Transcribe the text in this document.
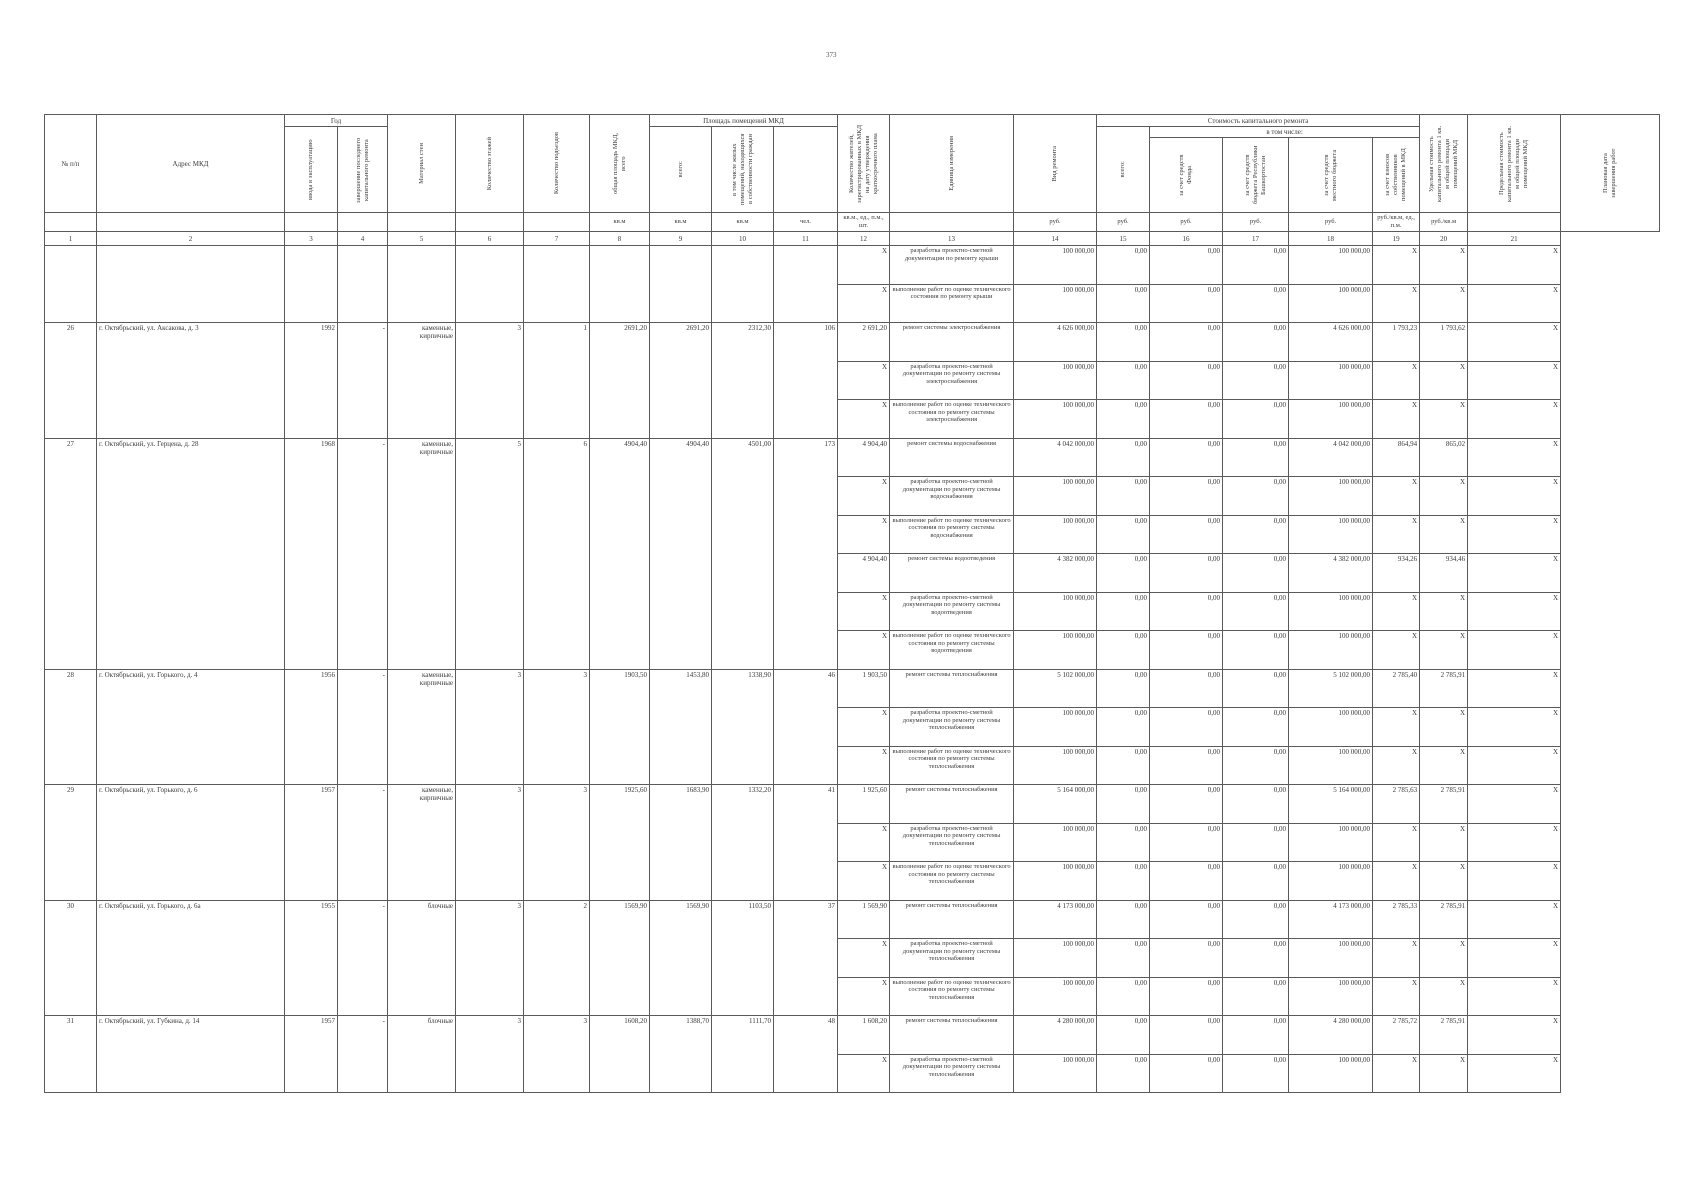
373
№ п/п	Адрес МКД	Год		Материал стен	Количество этажей	Количество подъездов	общая площадь МКД, всего	Площадь помещений МКД			Количество жителей, зарегистрированных в МКД на дату утверждения краткосрочного плана	Единица измерения	Вид ремонта	Стоимость капитального ремонта					Удельная стоимость капитального ремонта 1 кв. м общей площади помещений МКД	Предельная стоимость капитального ремонта 1 кв. м общей площади помещений МКД	Плановая дата завершения работ

		ввода в эксплуатацию	завершение последнего капитального ремонта					всего:	в том числе жилых помещений, находящихся в собственности граждан					всего:	в том числе:						

															за счет средств Фонда	за счет средств бюджета Республики Башкортостан	за счет средств местного бюджета	за счет взносов собственников помещений в МКД			

							кв.м	кв.м	кв.м	чел.	кв.м., ед., п.м., шт.		руб.	руб.	руб.	руб.	руб.	руб./кв.м, ед., п.м.	руб./кв.м		
1	2	3	4	5	6	7	8	9	10	11	12	13	14	15	16	17	18	19	20	21	
											X	разработка проектно-сметной документации по ремонту крыши	100 000,00	0,00	0,00	0,00	100 000,00	X	X	X	
											X	выполнение работ по оценке технического состояния по ремонту крыши	100 000,00	0,00	0,00	0,00	100 000,00	X	X	X	
26	г. Октябрьский, ул. Аксакова, д. 3	1992	-	каменные, кирпичные	3	1	2691,20	2691,20	2312,30	106	2 691,20	ремонт системы электроснабжения	4 626 000,00	0,00	0,00	0,00	4 626 000,00	1 793,23	1 793,62	X	
											X	разработка проектно-сметной документации по ремонту системы электроснабжения	100 000,00	0,00	0,00	0,00	100 000,00	X	X	X	
											X	выполнение работ по оценке технического состояния по ремонту системы электроснабжения	100 000,00	0,00	0,00	0,00	100 000,00	X	X	X	
27	г. Октябрьский, ул. Герцена, д. 28	1968	-	каменные, кирпичные	5	6	4904,40	4904,40	4501,00	173	4 904,40	ремонт системы водоснабжения	4 042 000,00	0,00	0,00	0,00	4 042 000,00	864,94	865,02	X	
											X	разработка проектно-сметной документации по ремонту системы водоснабжения	100 000,00	0,00	0,00	0,00	100 000,00	X	X	X	
											X	выполнение работ по оценке технического состояния по ремонту системы водоснабжения	100 000,00	0,00	0,00	0,00	100 000,00	X	X	X	
											4 904,40	ремонт системы водоотведения	4 382 000,00	0,00	0,00	0,00	4 382 000,00	934,26	934,46	X	
											X	разработка проектно-сметной документации по ремонту системы водоотведения	100 000,00	0,00	0,00	0,00	100 000,00	X	X	X	
											X	выполнение работ по оценке технического состояния по ремонту системы водоотведения	100 000,00	0,00	0,00	0,00	100 000,00	X	X	X	
28	г. Октябрьский, ул. Горького, д. 4	1956	-	каменные, кирпичные	3	3	1903,50	1453,80	1338,90	46	1 903,50	ремонт системы теплоснабжения	5 102 000,00	0,00	0,00	0,00	5 102 000,00	2 785,40	2 785,91	X	
											X	разработка проектно-сметной документации по ремонту системы теплоснабжения	100 000,00	0,00	0,00	0,00	100 000,00	X	X	X	
											X	выполнение работ по оценке технического состояния по ремонту системы теплоснабжения	100 000,00	0,00	0,00	0,00	100 000,00	X	X	X	
29	г. Октябрьский, ул. Горького, д. 6	1957	-	каменные, кирпичные	3	3	1925,60	1683,90	1332,20	41	1 925,60	ремонт системы теплоснабжения	5 164 000,00	0,00	0,00	0,00	5 164 000,00	2 785,63	2 785,91	X	
											X	разработка проектно-сметной документации по ремонту системы теплоснабжения	100 000,00	0,00	0,00	0,00	100 000,00	X	X	X	
											X	выполнение работ по оценке технического состояния по ремонту системы теплоснабжения	100 000,00	0,00	0,00	0,00	100 000,00	X	X	X	
30	г. Октябрьский, ул. Горького, д. 6а	1955	-	блочные	3	2	1569,90	1569,90	1103,50	37	1 569,90	ремонт системы теплоснабжения	4 173 000,00	0,00	0,00	0,00	4 173 000,00	2 785,33	2 785,91	X	
											X	разработка проектно-сметной документации по ремонту системы теплоснабжения	100 000,00	0,00	0,00	0,00	100 000,00	X	X	X	
											X	выполнение работ по оценке технического состояния по ремонту системы теплоснабжения	100 000,00	0,00	0,00	0,00	100 000,00	X	X	X	
31	г. Октябрьский, ул. Губкина, д. 14	1957	-	блочные	3	3	1608,20	1388,70	1111,70	48	1 608,20	ремонт системы теплоснабжения	4 280 000,00	0,00	0,00	0,00	4 280 000,00	2 785,72	2 785,91	X	
											X	разработка проектно-сметной документации по ремонту системы теплоснабжения	100 000,00	0,00	0,00	0,00	100 000,00	X	X	X	
